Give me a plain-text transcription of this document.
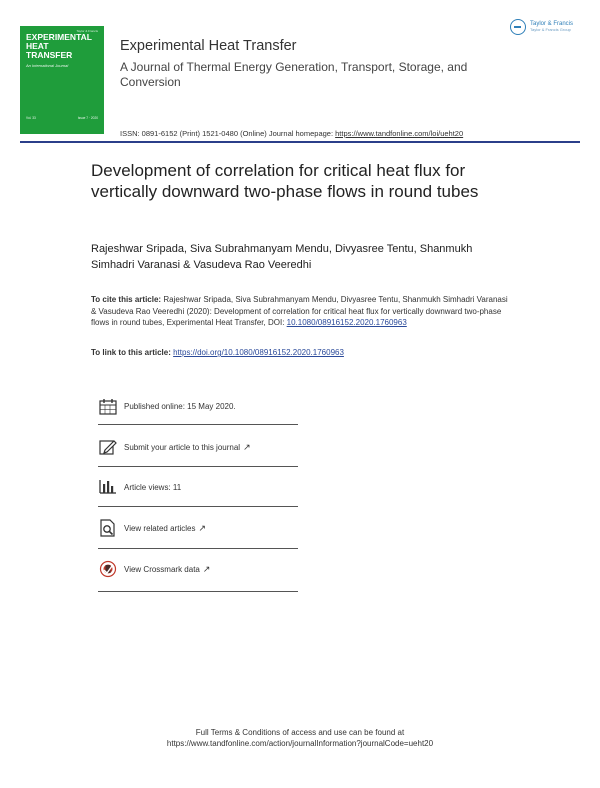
Taylor & Francis
EXPERIMENTAL
HEAT
TRANSFER
An International Journal
Vol. 33	Issue 7 · 2020
Experimental Heat Transfer
A Journal of Thermal Energy Generation, Transport, Storage, and Conversion
Taylor & Francis
Taylor & Francis Group
ISSN: 0891-6152 (Print) 1521-0480 (Online) Journal homepage: https://www.tandfonline.com/loi/ueht20
Development of correlation for critical heat flux for vertically downward two-phase flows in round tubes
Rajeshwar Sripada, Siva Subrahmanyam Mendu, Divyasree Tentu, Shanmukh Simhadri Varanasi & Vasudeva Rao Veeredhi
To cite this article: Rajeshwar Sripada, Siva Subrahmanyam Mendu, Divyasree Tentu, Shanmukh Simhadri Varanasi & Vasudeva Rao Veeredhi (2020): Development of correlation for critical heat flux for vertically downward two-phase flows in round tubes, Experimental Heat Transfer, DOI: 10.1080/08916152.2020.1760963
To link to this article: https://doi.org/10.1080/08916152.2020.1760963
Published online: 15 May 2020.
Submit your article to this journal ↗
Article views: 11
View related articles ↗
View Crossmark data ↗
Full Terms & Conditions of access and use can be found at
https://www.tandfonline.com/action/journalInformation?journalCode=ueht20
